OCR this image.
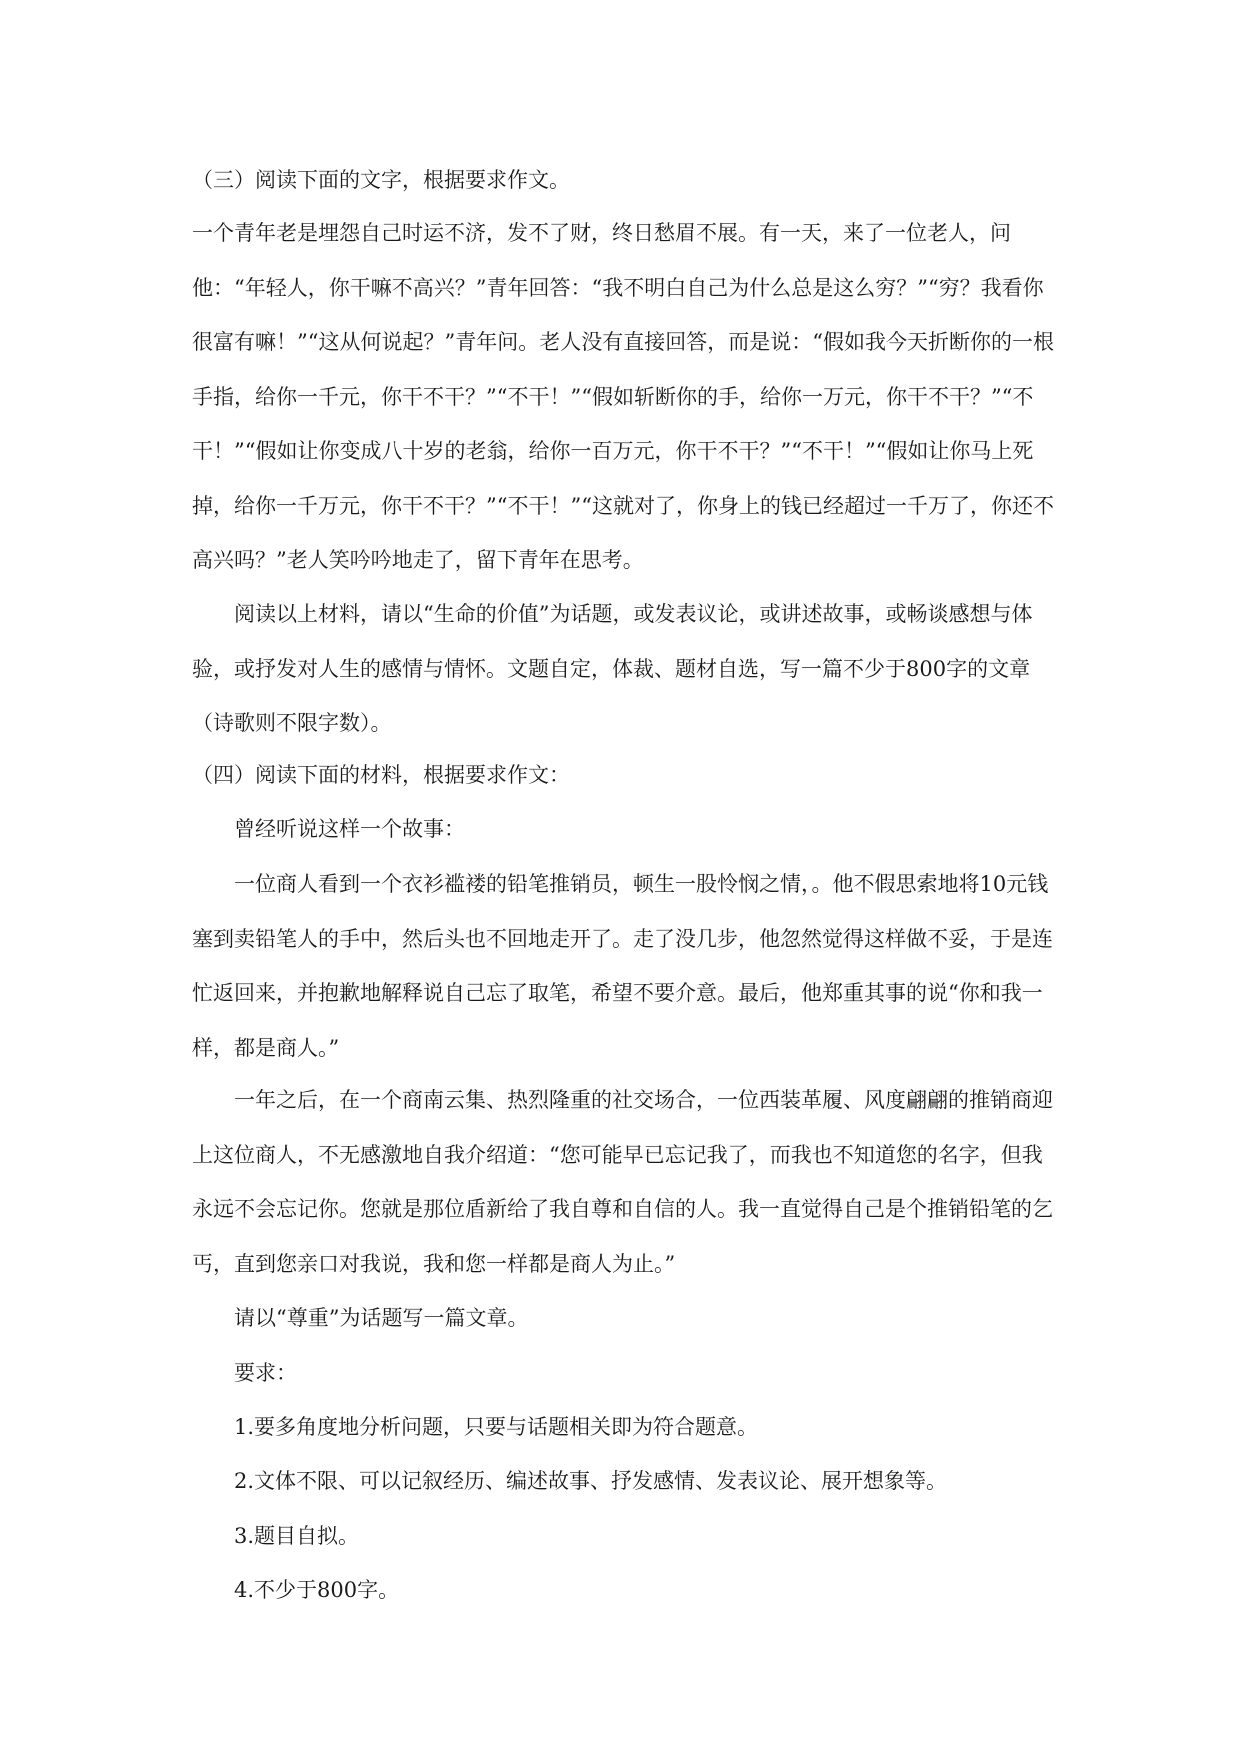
（三）阅读下面的文字，根据要求作文。

一个青年老是埋怨自己时运不济，发不了财，终日愁眉不展。有一天，来了一位老人，问他：“年轻人，你干嘛不高兴？”青年回答：“我不明白自己为什么总是这么穷？”“穷？我看你很富有嘛！”“这从何说起？”青年问。老人没有直接回答，而是说：“假如我今天折断你的一根手指，给你一千元，你干不干？”“不干！”“假如斩断你的手，给你一万元，你干不干？”“不干！”“假如让你变成八十岁的老翁，给你一百万元，你干不干？”“不干！”“假如让你马上死掉，给你一千万元，你干不干？”“不干！”“这就对了，你身上的钱已经超过一千万了，你还不高兴吗？”老人笑吟吟地走了，留下青年在思考。

阅读以上材料，请以“生命的价值”为话题，或发表议论，或讲述故事，或畅谈感想与体验，或抒发对人生的感情与情怀。文题自定，体裁、题材自选，写一篇不少于800字的文章（诗歌则不限字数）。

（四）阅读下面的材料，根据要求作文：

曾经听说这样一个故事：

一位商人看到一个衣衫褴褛的铅笔推销员，顿生一股怜悯之情，。他不假思索地将10元钱塞到卖铅笔人的手中，然后头也不回地走开了。走了没几步，他忽然觉得这样做不妥，于是连忙返回来，并抱歉地解释说自己忘了取笔，希望不要介意。最后，他郑重其事的说“你和我一样，都是商人。”

一年之后，在一个商南云集、热烈隆重的社交场合，一位西装革履、风度翩翩的推销商迎上这位商人，不无感激地自我介绍道：“您可能早已忘记我了，而我也不知道您的名字，但我永远不会忘记你。您就是那位盾新给了我自尊和自信的人。我一直觉得自己是个推销铅笔的乞丐，直到您亲口对我说，我和您一样都是商人为止。”

请以“尊重”为话题写一篇文章。

要求：

1.要多角度地分析问题，只要与话题相关即为符合题意。

2.文体不限、可以记叙经历、编述故事、抒发感情、发表议论、展开想象等。

3.题目自拟。

4.不少于800字。
